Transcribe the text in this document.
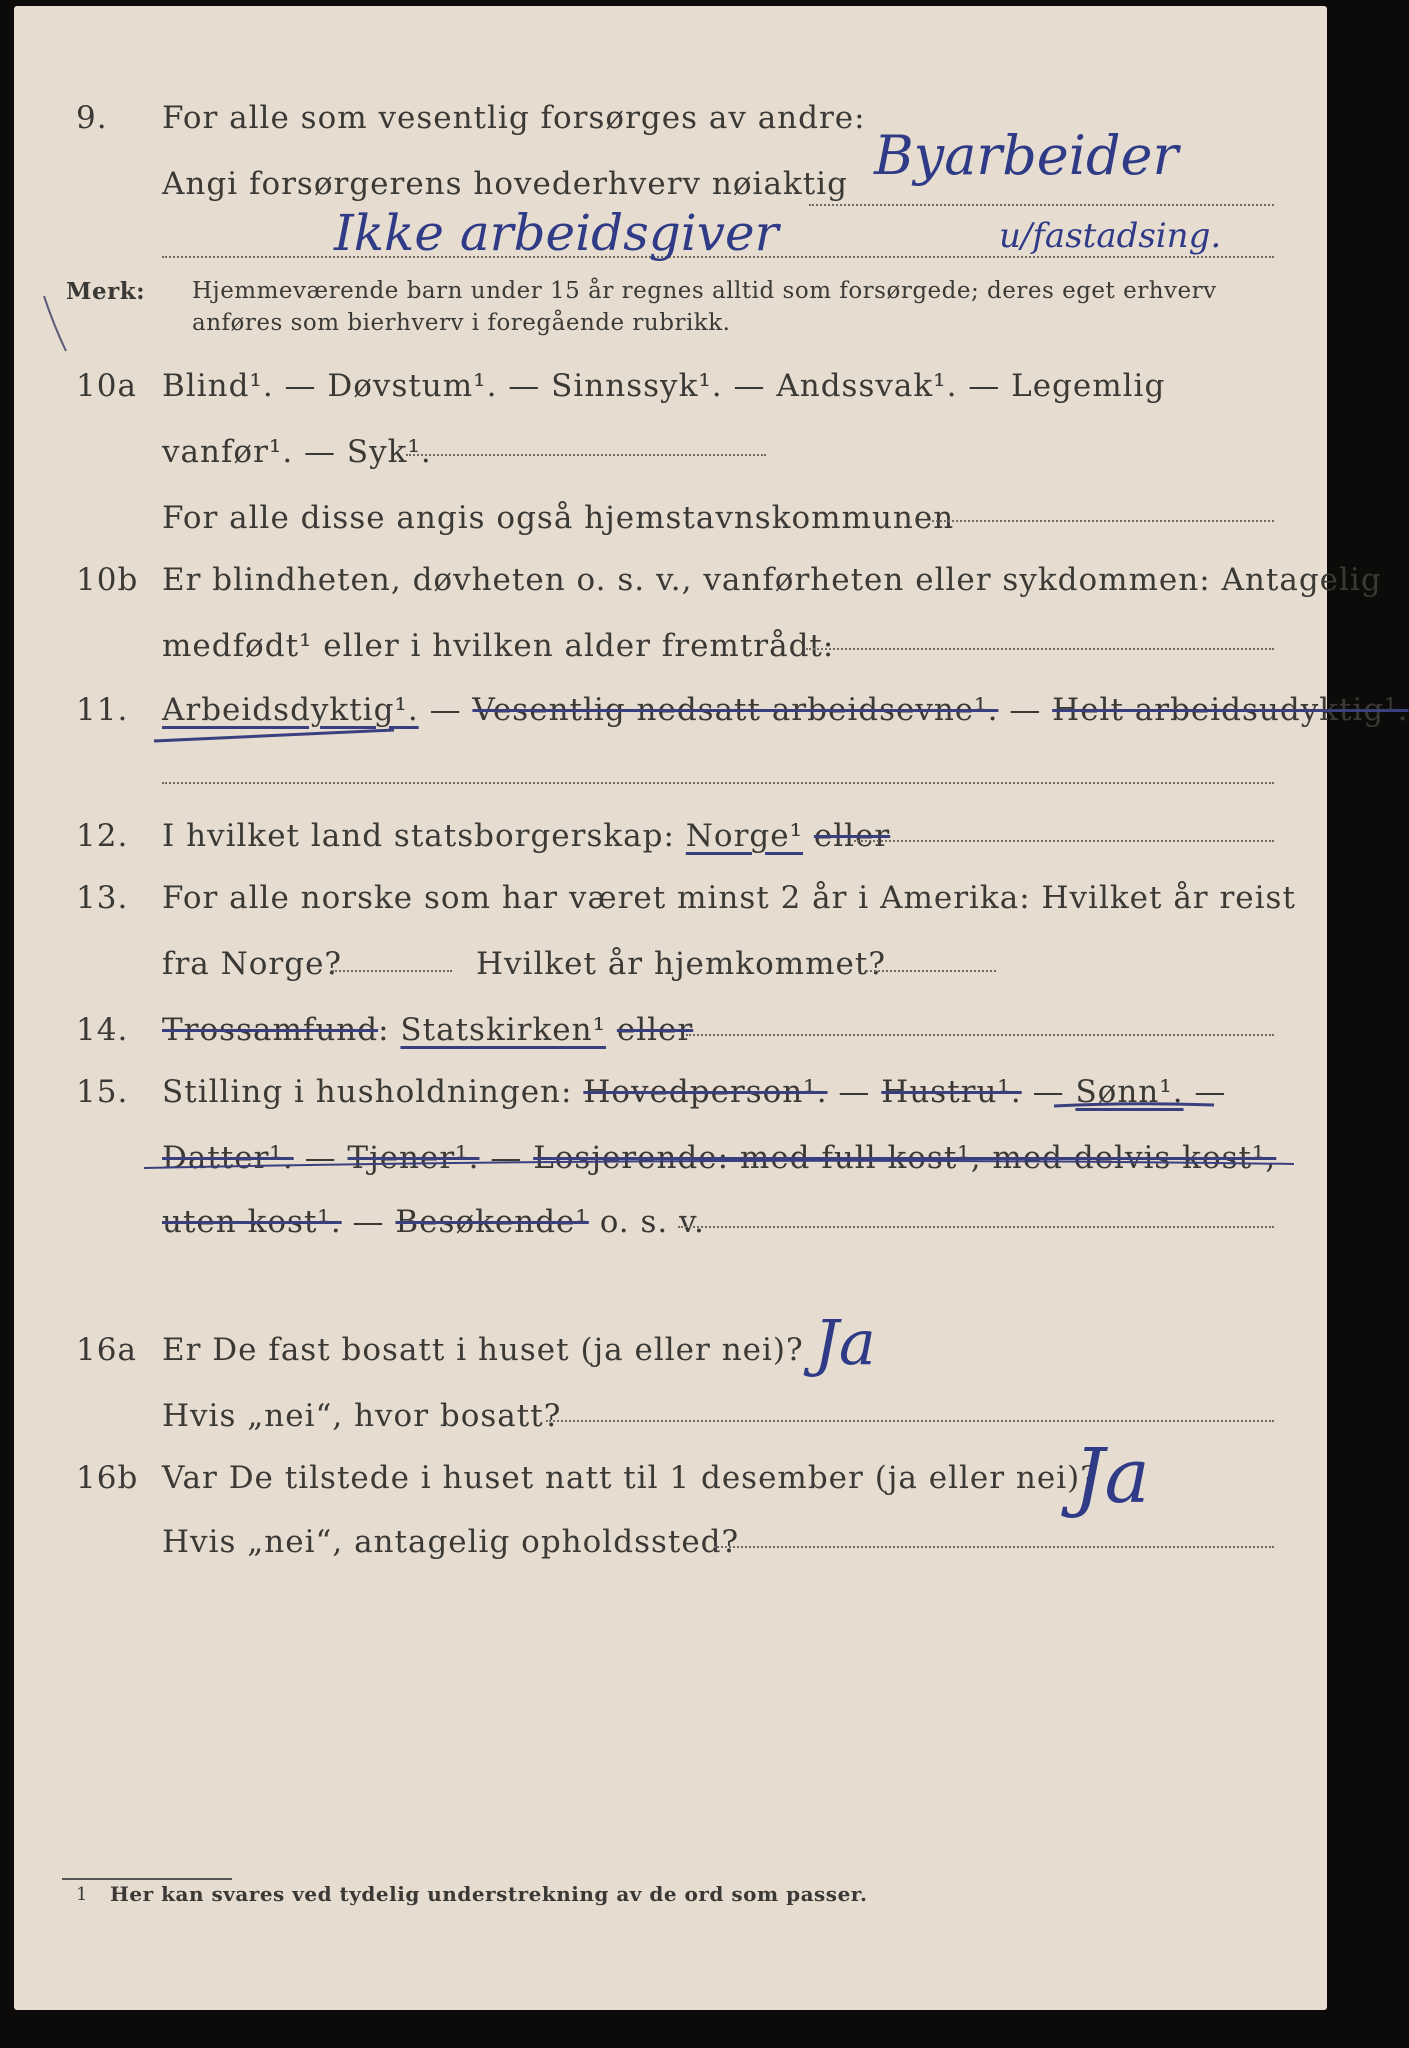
9. For alle som vesentlig forsørges av andre:
Angi forsørgerens hovederhverv nøiaktig Byarbeider
Ikke arbeidsgiver	u/fastadsing.
Merk: Hjemmeværende barn under 15 år regnes alltid som forsørgede; deres eget erhverv
anføres som bierhverv i foregående rubrikk.
10a Blind¹. — Døvstum¹. — Sinnssyk¹. — Andssvak¹. — Legemlig
vanfør¹. — Syk¹.
For alle disse angis også hjemstavnskommunen
10b Er blindheten, døvheten o. s. v., vanførheten eller sykdommen: Antagelig
medfødt¹ eller i hvilken alder fremtrådt:
11. Arbeidsdyktig¹. — Vesentlig nedsatt arbeidsevne¹. — Helt arbeidsudyktig¹.
12. I hvilket land statsborgerskap: Norge¹ eller
13. For alle norske som har været minst 2 år i Amerika: Hvilket år reist
fra Norge?	Hvilket år hjemkommet?
14. Trossamfund: Statskirken¹ eller
15. Stilling i husholdningen: Hovedperson¹. — Hustru¹. — Sønn¹. —
Datter¹. — Tjener¹. — Losjerende: med full kost¹, med delvis kost¹,
uten kost¹. — Besøkende¹ o. s. v.
16a Er De fast bosatt i huset (ja eller nei)? Ja
Hvis „nei“, hvor bosatt?
16b Var De tilstede i huset natt til 1 desember (ja eller nei)?
Ja
Hvis „nei“, antagelig opholdssted?
1 Her kan svares ved tydelig understrekning av de ord som passer.
